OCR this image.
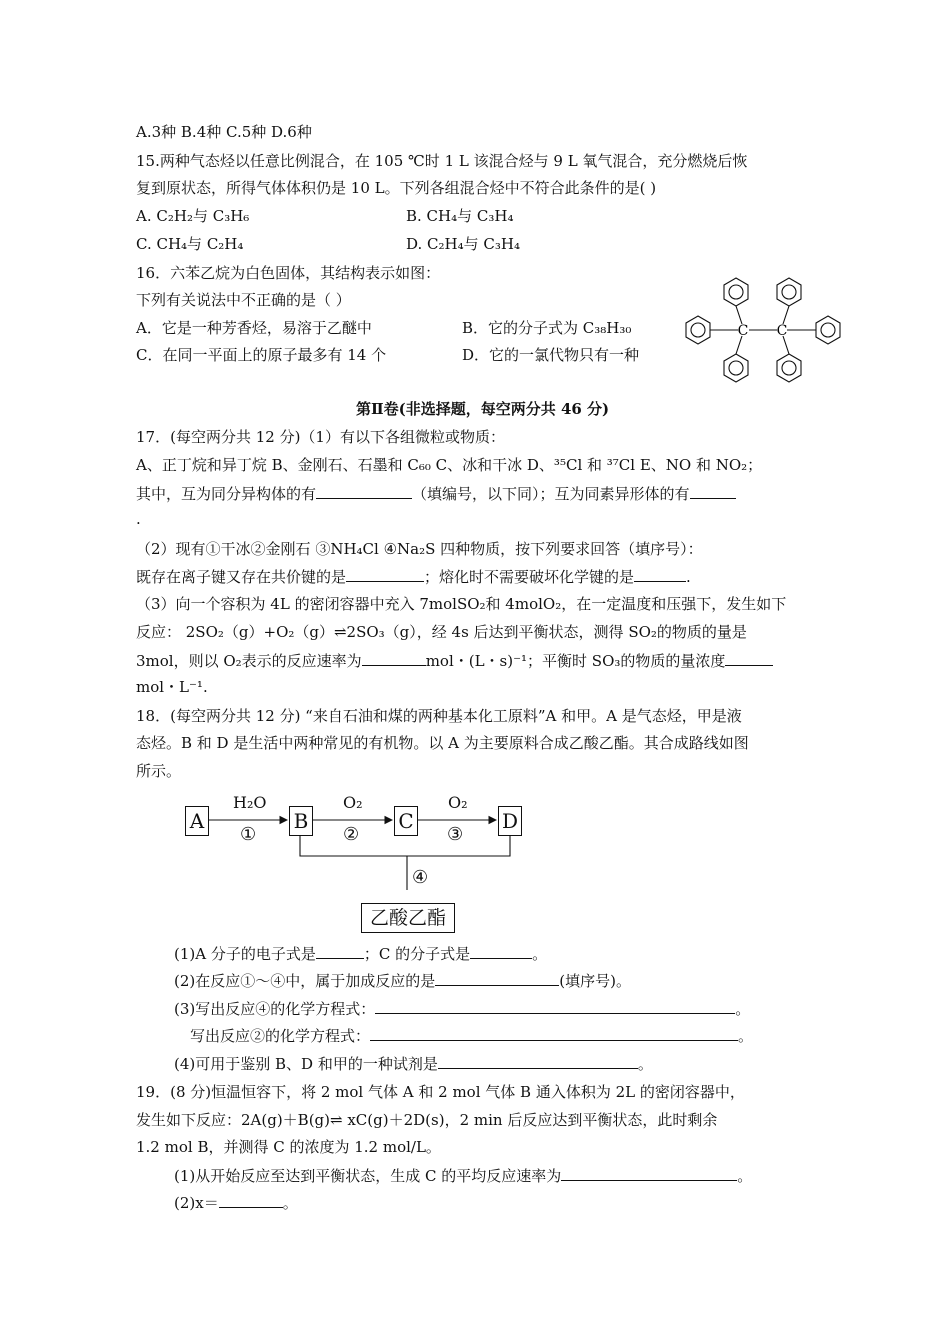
A.3种 B.4种 C.5种 D.6种
15.两种气态烃以任意比例混合，在 105 ℃时 1 L 该混合烃与 9 L 氧气混合，充分燃烧后恢
复到原状态，所得气体体积仍是 10 L。下列各组混合烃中不符合此条件的是( )
A. C₂H₂与 C₃H₆	B. CH₄与 C₃H₄
C. CH₄与 C₂H₄	D. C₂H₄与 C₃H₄
16．六苯乙烷为白色固体，其结构表示如图：
下列有关说法中不正确的是（ ）
A．它是一种芳香烃，易溶于乙醚中	B．它的分子式为 C₃₈H₃₀
C．在同一平面上的原子最多有 14 个	D．它的一氯代物只有一种
C C
第Ⅱ卷(非选择题，每空两分共 46 分)
17．(每空两分共 12 分)（1）有以下各组微粒或物质：
A、正丁烷和异丁烷 B、金刚石、石墨和 C₆₀ C、冰和干冰 D、³⁵Cl 和 ³⁷Cl E、NO 和 NO₂；
其中，互为同分异构体的有	（填编号，以下同）；互为同素异形体的有
.
（2）现有①干冰②金刚石 ③NH₄Cl ④Na₂S 四种物质，按下列要求回答（填序号）：
既存在离子键又存在共价键的是	；熔化时不需要破坏化学键的是	.
（3）向一个容积为 4L 的密闭容器中充入 7molSO₂和 4molO₂，在一定温度和压强下，发生如下
反应： 2SO₂（g）+O₂（g）⇌2SO₃（g），经 4s 后达到平衡状态，测得 SO₂的物质的量是
3mol，则以 O₂表示的反应速率为	mol・(L・s)⁻¹；平衡时 SO₃的物质的量浓度
mol・L⁻¹.
18．(每空两分共 12 分) “来自石油和煤的两种基本化工原料”A 和甲。A 是气态烃，甲是液
态烃。B 和 D 是生活中两种常见的有机物。以 A 为主要原料合成乙酸乙酯。其合成路线如图
所示。
A	B	C	D
H₂O
①
O₂
②
O₂
③
④
乙酸乙酯
(1)A 分子的电子式是	；C 的分子式是	。
(2)在反应①～④中，属于加成反应的是	(填序号)。
(3)写出反应④的化学方程式：	。
写出反应②的化学方程式：	。
(4)可用于鉴别 B、D 和甲的一种试剂是	。
19．(8 分)恒温恒容下，将 2 mol 气体 A 和 2 mol 气体 B 通入体积为 2L 的密闭容器中，
发生如下反应：2A(g)＋B(g)⇌ xC(g)＋2D(s)，2 min 后反应达到平衡状态，此时剩余
1.2 mol B，并测得 C 的浓度为 1.2 mol/L。
(1)从开始反应至达到平衡状态，生成 C 的平均反应速率为	。
(2)x＝	。
